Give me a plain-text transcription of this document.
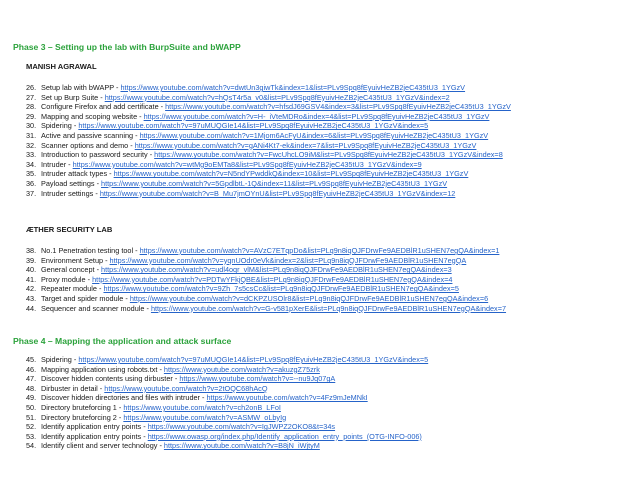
Phase 3 – Setting up the lab with BurpSuite and bWAPP
MANISH AGRAWAL
26. Setup lab with bWAPP - https://www.youtube.com/watch?v=dwtUn3giwTk&index=1&list=PLv9Spq8fEyuivHeZB2jeC435tU3_1YGzV
27. Set up Burp Suite - https://www.youtube.com/watch?v=hQsT4r5a_v0&list=PLv9Spq8fEyuivHeZB2jeC435tU3_1YGzV&index=2
28. Configure Firefox and add certificate - https://www.youtube.com/watch?v=hfsdJ69GSV4&index=3&list=PLv9Spq8fEyuivHeZB2jeC435tU3_1YGzV
29. Mapping and scoping website - https://www.youtube.com/watch?v=H-_iVteMDRo&index=4&list=PLv9Spq8fEyuivHeZB2jeC435tU3_1YGzV
30. Spidering - https://www.youtube.com/watch?v=97uMUQGIe14&list=PLv9Spq8fEyuivHeZB2jeC435tU3_1YGzV&index=5
31. Active and passive scanning - https://www.youtube.com/watch?v=1Mjom6AcFyU&index=6&list=PLv9Spq8fEyuivHeZB2jeC435tU3_1YGzV
32. Scanner options and demo - https://www.youtube.com/watch?v=gANi4Kt7-ek&index=7&list=PLv9Spq8fEyuivHeZB2jeC435tU3_1YGzV
33. Introduction to password security - https://www.youtube.com/watch?v=FwcUhcLO9iM&list=PLv9Spq8fEyuivHeZB2jeC435tU3_1YGzV&index=8
34. Intruder - https://www.youtube.com/watch?v=wtMg9oEMTa8&list=PLv9Spq8fEyuivHeZB2jeC435tU3_1YGzV&index=9
35. Intruder attack types - https://www.youtube.com/watch?v=N5ndYPwddkQ&index=10&list=PLv9Spq8fEyuivHeZB2jeC435tU3_1YGzV
36. Payload settings - https://www.youtube.com/watch?v=5GpdlbtL-1Q&index=11&list=PLv9Spq8fEyuivHeZB2jeC435tU3_1YGzV
37. Intruder settings - https://www.youtube.com/watch?v=B_Mu7jmOYnU&list=PLv9Spq8fEyuivHeZB2jeC435tU3_1YGzV&index=12
ÆTHER SECURITY LAB
38. No.1 Penetration testing tool - https://www.youtube.com/watch?v=AVzC7ETqpDo&list=PLq9n8iqQJFDrwFe9AEDBlR1uSHEN7egQA&index=1
39. Environment Setup - https://www.youtube.com/watch?v=yqnUOdr0eVk&index=2&list=PLq9n8iqQJFDrwFe9AEDBlR1uSHEN7egQA
40. General concept - https://www.youtube.com/watch?v=udl4oqr_vlM&list=PLq9n8iqQJFDrwFe9AEDBlR1uSHEN7egQA&index=3
41. Proxy module - https://www.youtube.com/watch?v=PDTwYFkjQBE&list=PLq9n8iqQJFDrwFe9AEDBlR1uSHEN7egQA&index=4
42. Repeater module - https://www.youtube.com/watch?v=9Zh_7s5csCc&list=PLq9n8iqQJFDrwFe9AEDBlR1uSHEN7egQA&index=5
43. Target and spider module - https://www.youtube.com/watch?v=dCKPZUSOlr8&list=PLq9n8iqQJFDrwFe9AEDBlR1uSHEN7egQA&index=6
44. Sequencer and scanner module - https://www.youtube.com/watch?v=G-v581pXerE&list=PLq9n8iqQJFDrwFe9AEDBlR1uSHEN7egQA&index=7
Phase 4 – Mapping the application and attack surface
45. Spidering - https://www.youtube.com/watch?v=97uMUQGIe14&list=PLv9Spq8fEyuivHeZB2jeC435tU3_1YGzV&index=5
46. Mapping application using robots.txt - https://www.youtube.com/watch?v=akuzgZ75zrk
47. Discover hidden contents using dirbuster - https://www.youtube.com/watch?v=--nu9Jq07gA
48. Dirbuster in detail - https://www.youtube.com/watch?v=2tOQC68hAcQ
49. Discover hidden directories and files with intruder - https://www.youtube.com/watch?v=4Fz9mJeMNkI
50. Directory bruteforcing 1 - https://www.youtube.com/watch?v=ch2onB_LFoI
51. Directory bruteforcing 2 - https://www.youtube.com/watch?v=ASMW_oLbyIg
52. Identify application entry points - https://www.youtube.com/watch?v=IgJWPZ2OKO8&t=34s
53. Identify application entry points - https://www.owasp.org/index.php/Identify_application_entry_points_(OTG-INFO-006)
54. Identify client and server technology - https://www.youtube.com/watch?v=B8jN_iWjtyM
